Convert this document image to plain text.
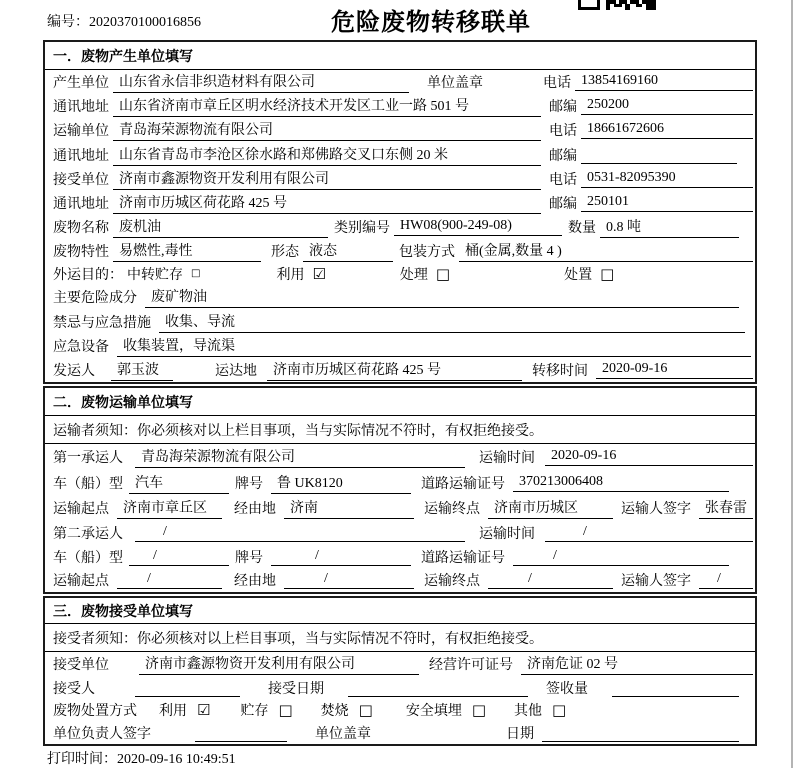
编号：2020370100016856	危险废物转移联单
一．废物产生单位填写
产生单位 山东省永信非织造材料有限公司	单位盖章	电话 13854169160
通讯地址 山东省济南市章丘区明水经济技术开发区工业一路 501 号	邮编 250200
运输单位 青岛海荣源物流有限公司	电话 18661672606
通讯地址 山东省青岛市李沧区徐水路和郑佛路交叉口东侧 20 米	邮编
接受单位 济南市鑫源物资开发利用有限公司	电话 0531-82095390
通讯地址 济南市历城区荷花路 425 号	邮编 250101
废物名称 废机油	类别编号 HW08(900-249-08)	数量 0.8 吨
废物特性 易燃性,毒性	形态 液态	包装方式 桶(金属,数量 4 )
外运目的： 中转贮存 □	利用 ☑	处理 □	处置 □
主要危险成分	废矿物油
禁忌与应急措施	收集、导流
应急设备	收集装置，导流渠
发运人	郭玉波	运达地	济南市历城区荷花路 425 号	转移时间	2020-09-16
二．废物运输单位填写
运输者须知：你必须核对以上栏目事项，当与实际情况不符时，有权拒绝接受。
第一承运人	青岛海荣源物流有限公司	运输时间	2020-09-16
车（船）型 汽车	牌号	鲁 UK8120	道路运输证号	370213006408
运输起点	济南市章丘区	经由地	济南	运输终点	济南市历城区	运输人签字	张春雷
第二承运人	/	运输时间	/
车（船）型	/	牌号	/	道路运输证号	/
运输起点	/	经由地	/	运输终点	/	运输人签字	/
三．废物接受单位填写
接受者须知：你必须核对以上栏目事项，当与实际情况不符时，有权拒绝接受。
接受单位	济南市鑫源物资开发利用有限公司	经营许可证号	济南危证 02 号
接受人	接受日期	签收量
废物处置方式 利用 ☑ 贮存 □ 焚烧 □ 安全填埋 □ 其他 □
单位负责人签字	单位盖章	日期
打印时间：2020-09-16 10:49:51
